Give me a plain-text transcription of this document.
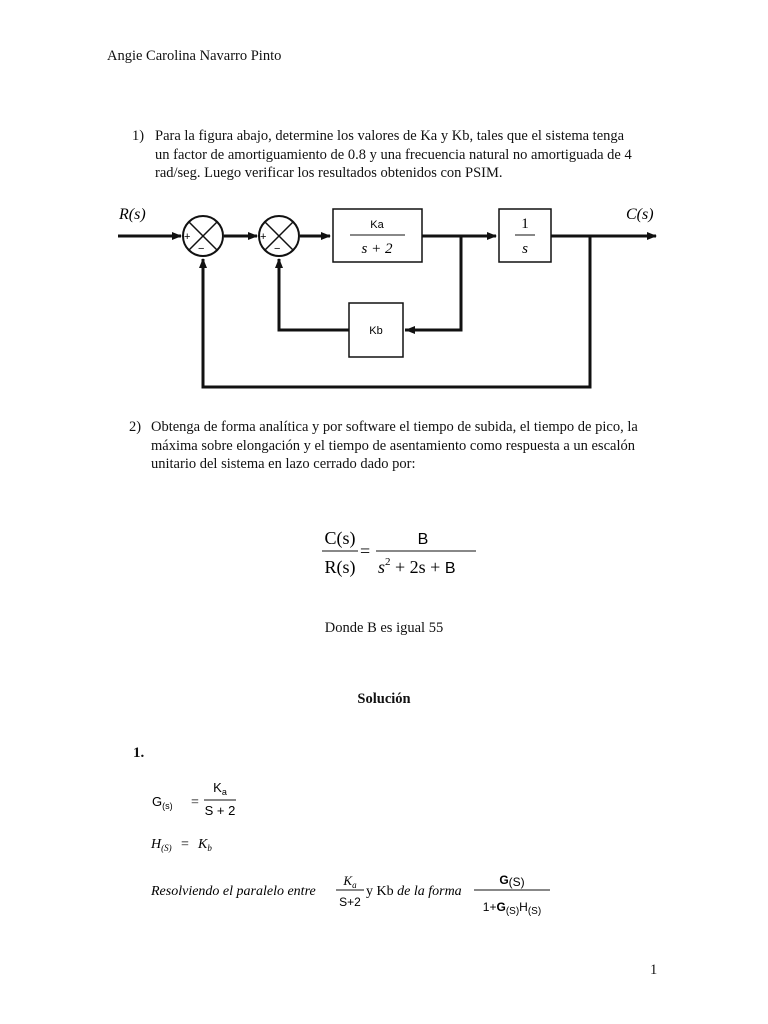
Angie Carolina Navarro Pinto
1) Para la figura abajo, determine los valores de Ka y Kb, tales que el sistema tenga
un factor de amortiguamiento de 0.8 y una frecuencia natural no amortiguada de 4
rad/seg. Luego verificar los resultados obtenidos con PSIM.
R(s)	C(s)
+
−
+
−
Ka
s + 2
1
s
Kb
2) Obtenga de forma analítica y por software el tiempo de subida, el tiempo de pico, la
máxima sobre elongación y el tiempo de asentamiento como respuesta a un escalón
unitario del sistema en lazo cerrado dado por:
C(s)
R(s)
=
B
$s^2 + 2s + B$
Donde B es igual 55
Solución
1.
$G_{(s)}$ =
$K_a$
S + 2
$H_{(S)} = K_b$
Resolviendo el paralelo entre
$K_a$
S+2
y Kb de la forma
G(S)
$1+G_{(S)}H_{(S)}$
1
